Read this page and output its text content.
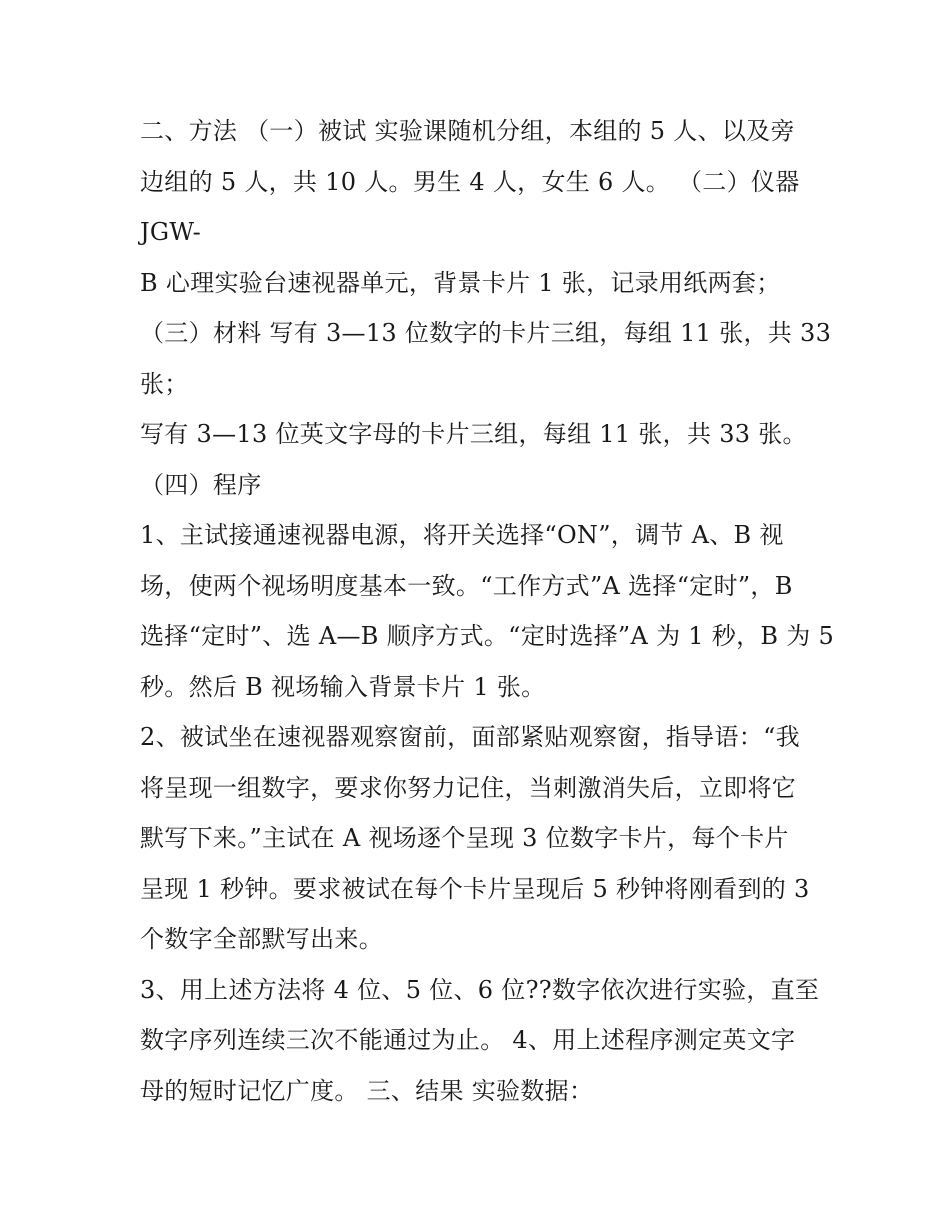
二、方法 （一）被试 实验课随机分组，本组的 5 人、以及旁
边组的 5 人，共 10 人。男生 4 人，女生 6 人。 （二）仪器
JGW-
B 心理实验台速视器单元，背景卡片 1 张，记录用纸两套；
（三）材料 写有 3—13 位数字的卡片三组，每组 11 张，共 33
张；
写有 3—13 位英文字母的卡片三组，每组 11 张，共 33 张。
（四）程序
1、主试接通速视器电源，将开关选择“ON”，调节 A、B 视
场，使两个视场明度基本一致。“工作方式”A 选择“定时”，B
选择“定时”、选 A—B 顺序方式。“定时选择”A 为 1 秒，B 为 5
秒。然后 B 视场输入背景卡片 1 张。
2、被试坐在速视器观察窗前，面部紧贴观察窗，指导语：“我
将呈现一组数字，要求你努力记住，当刺激消失后，立即将它
默写下来。”主试在 A 视场逐个呈现 3 位数字卡片，每个卡片
呈现 1 秒钟。要求被试在每个卡片呈现后 5 秒钟将刚看到的 3
个数字全部默写出来。
3、用上述方法将 4 位、5 位、6 位??数字依次进行实验，直至
数字序列连续三次不能通过为止。 4、用上述程序测定英文字
母的短时记忆广度。 三、结果 实验数据：
